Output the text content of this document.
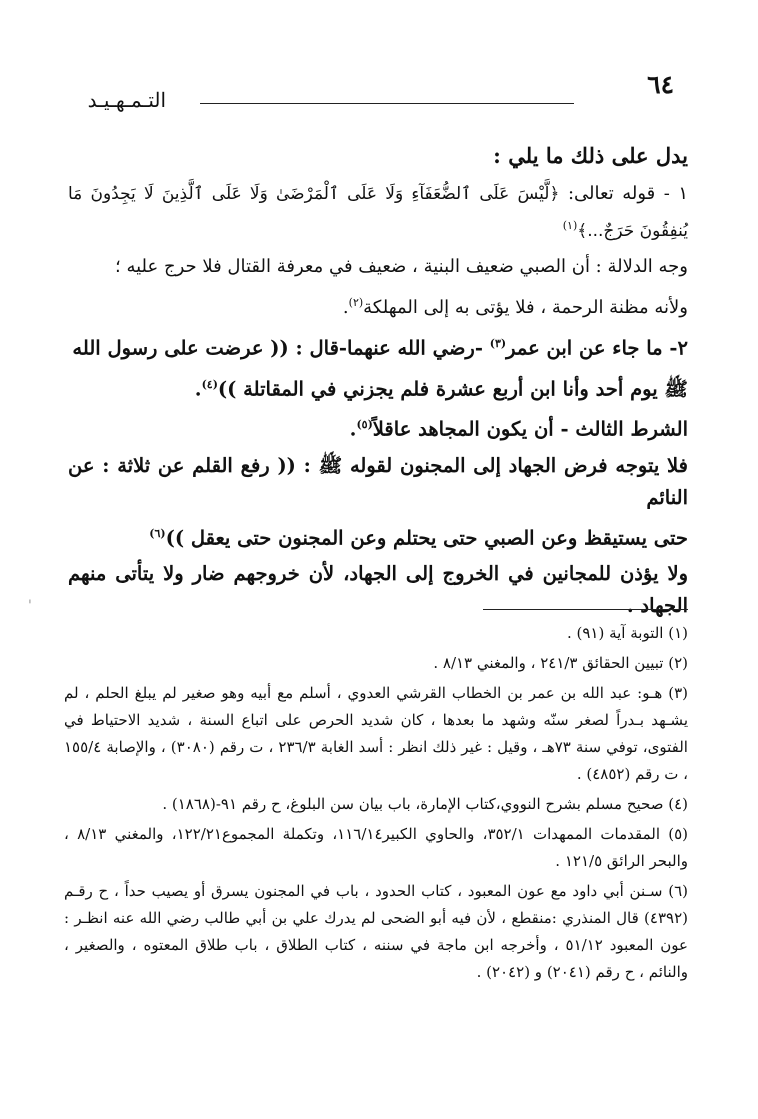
٦٤
التـمـهـيـد

يدل على ذلك ما يلي :

١ - قوله تعالى: ﴿لَّيْسَ عَلَى ٱلضُّعَفَآءِ وَلَا عَلَى ٱلْمَرْضَىٰ وَلَا عَلَى ٱلَّذِينَ لَا يَجِدُونَ مَا يُنفِقُونَ حَرَجٌ...﴾$^{(١)}$

وجه الدلالة : أن الصبي ضعيف البنية ، ضعيف في معرفة القتال فلا حرج عليه ؛

ولأنه مظنة الرحمة ، فلا يؤتى به إلى المهلكة$^{(٢)}$.

٢- ما جاء عن ابن عمر$^{(٣)}$ -رضي الله عنهما-قال : (( عرضت على رسول الله

ﷺ يوم أحد وأنا ابن أربع عشرة فلم يجزني في المقاتلة ))$^{(٤)}$.

الشرط الثالث - أن يكون المجاهد عاقلاً$^{(٥)}$.

فلا يتوجه فرض الجهاد إلى المجنون لقوله ﷺ : (( رفع القلم عن ثلاثة : عن النائم

حتى يستيقظ وعن الصبي حتى يحتلم وعن المجنون حتى يعقل ))$^{(٦)}$

ولا يؤذن للمجانين في الخروج إلى الجهاد، لأن خروجهم ضار ولا يتأتى منهم الجهاد .

'

(١) التوبة آية (٩١) .

(٢) تبيين الحقائق ٢٤١/٣ ، والمغني ٨/١٣ .

(٣) هـو: عبد الله بن عمر بن الخطاب القرشي العدوي ، أسلم مع أبيه وهو صغير لم يبلغ الحلم ، لم يشـهد بـدراً لصغر سنّه وشهد ما بعدها ، كان شديد الحرص على اتباع السنة ، شديد الاحتياط في الفتوى، توفي سنة ٧٣هـ ، وقيل : غير ذلك انظر : أسد الغابة ٢٣٦/٣ ، ت رقم (٣٠٨٠) ، والإصابة ١٥٥/٤ ، ت رقم (٤٨٥٢) .

(٤) صحيح مسلم بشرح النووي،كتاب الإمارة، باب بيان سن البلوغ، ح رقم ٩١-(١٨٦٨) .

(٥) المقدمات الممهدات ٣٥٢/١، والحاوي الكبير١١٦/١٤، وتكملة المجموع١٢٢/٢١، والمغني ٨/١٣ ، والبحر الرائق ١٢١/٥ .

(٦) سـنن أبي داود مع عون المعبود ، كتاب الحدود ، باب في المجنون يسرق أو يصيب حداً ، ح رقـم (٤٣٩٢) قال المنذري :منقطع ، لأن فيه أبو الضحى لم يدرك علي بن أبي طالب رضي الله عنه انظـر : عون المعبود ٥١/١٢ ، وأخرجه ابن ماجة في سننه ، كتاب الطلاق ، باب طلاق المعتوه ، والصغير ، والنائم ، ح رقم (٢٠٤١) و (٢٠٤٢) .
